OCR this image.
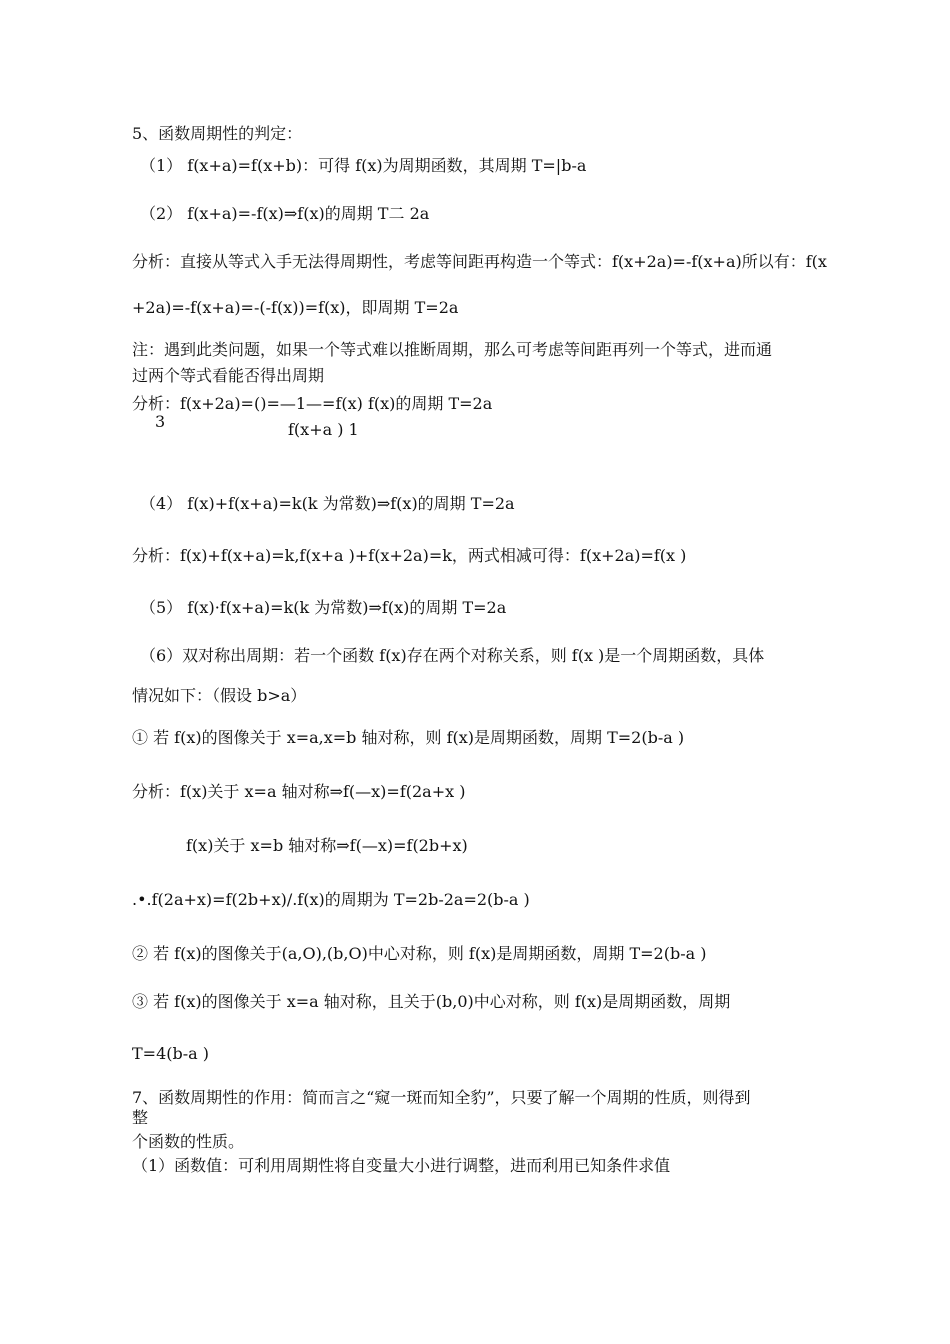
5、函数周期性的判定：
（1） f(x+a)=f(x+b)：可得 f(x)为周期函数，其周期 T=|b-a
（2） f(x+a)=-f(x)⇒f(x)的周期 T二 2a
分析：直接从等式入手无法得周期性，考虑等间距再构造一个等式：f(x+2a)=-f(x+a)所以有：f(x
+2a)=-f(x+a)=-(-f(x))=f(x)，即周期 T=2a
注：遇到此类问题，如果一个等式难以推断周期，那么可考虑等间距再列一个等式，进而通
过两个等式看能否得出周期
分析：f(x+2a)=()=—1—=f(x) f(x)的周期 T=2a
3	f(x+a ) 1
（4） f(x)+f(x+a)=k(k 为常数)⇒f(x)的周期 T=2a
分析：f(x)+f(x+a)=k,f(x+a )+f(x+2a)=k，两式相减可得：f(x+2a)=f(x )
（5） f(x)·f(x+a)=k(k 为常数)⇒f(x)的周期 T=2a
（6）双对称出周期：若一个函数 f(x)存在两个对称关系，则 f(x )是一个周期函数，具体
情况如下：（假设 b>a）
① 若 f(x)的图像关于 x=a,x=b 轴对称，则 f(x)是周期函数，周期 T=2(b-a )
分析：f(x)关于 x=a 轴对称⇒f(—x)=f(2a+x )
f(x)关于 x=b 轴对称⇒f(—x)=f(2b+x)
.•.f(2a+x)=f(2b+x)/.f(x)的周期为 T=2b-2a=2(b-a )
② 若 f(x)的图像关于(a,O),(b,O)中心对称，则 f(x)是周期函数，周期 T=2(b-a )
③ 若 f(x)的图像关于 x=a 轴对称，且关于(b,0)中心对称，则 f(x)是周期函数，周期
T=4(b-a )
7、函数周期性的作用：简而言之“窥一斑而知全豹”，只要了解一个周期的性质，则得到
整
个函数的性质。
（1）函数值：可利用周期性将自变量大小进行调整，进而利用已知条件求值
